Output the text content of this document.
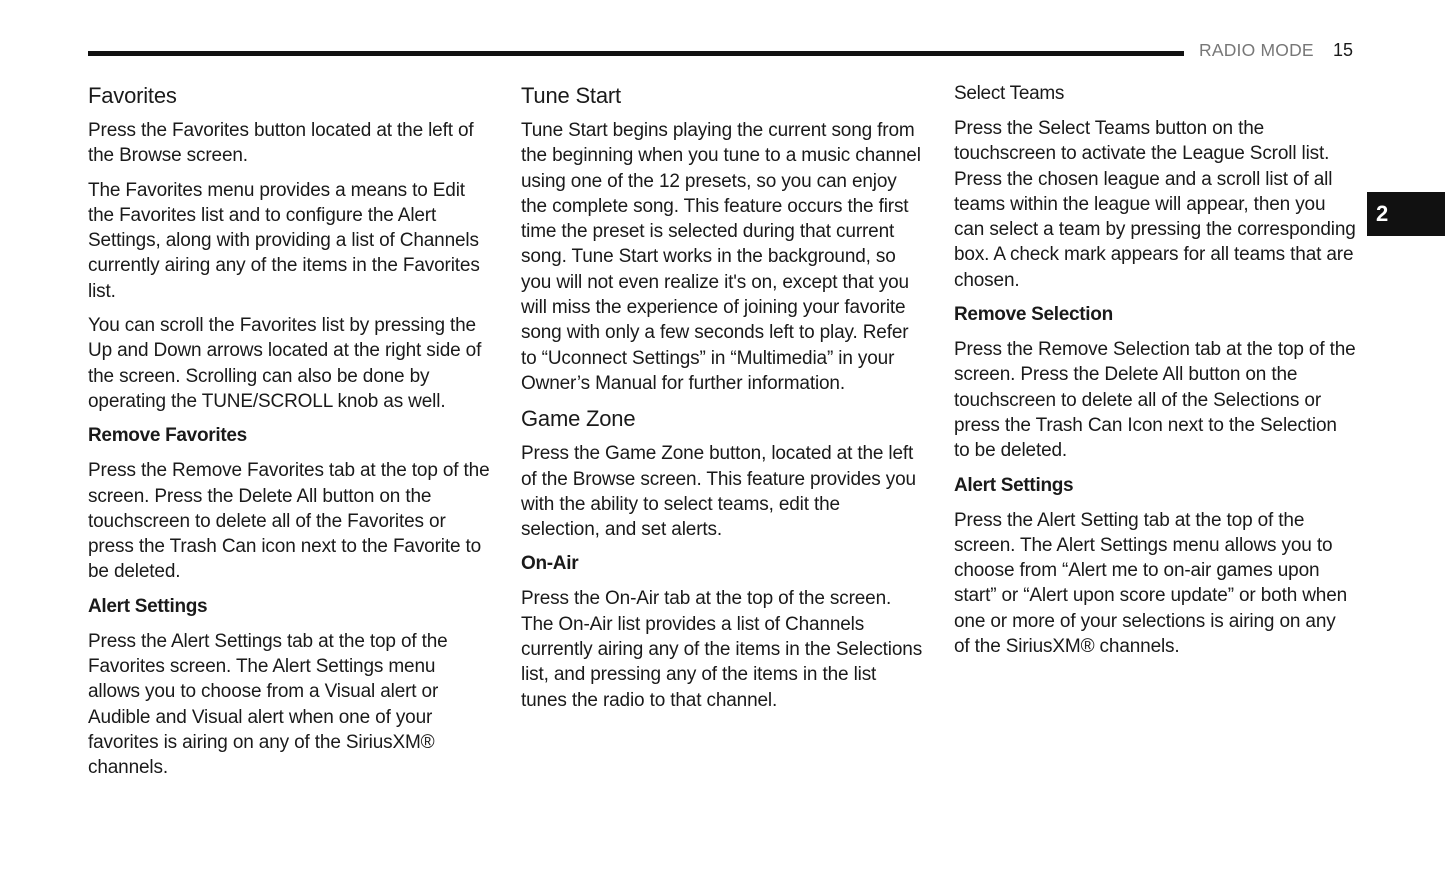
RADIO MODE 15
2
Favorites

Press the Favorites button located at the left of the Browse screen.

The Favorites menu provides a means to Edit the Favorites list and to configure the Alert Settings, along with providing a list of Channels currently airing any of the items in the Favorites list.

You can scroll the Favorites list by pressing the Up and Down arrows located at the right side of the screen. Scrolling can also be done by operating the TUNE/SCROLL knob as well.

Remove Favorites

Press the Remove Favorites tab at the top of the screen. Press the Delete All button on the touchscreen to delete all of the Favorites or press the Trash Can icon next to the Favorite to be deleted.

Alert Settings

Press the Alert Settings tab at the top of the Favorites screen. The Alert Settings menu allows you to choose from a Visual alert or Audible and Visual alert when one of your favorites is airing on any of the SiriusXM® channels.

Tune Start

Tune Start begins playing the current song from the beginning when you tune to a music channel using one of the 12 presets, so you can enjoy the complete song. This feature occurs the first time the preset is selected during that current song. Tune Start works in the background, so you will not even realize it's on, except that you will miss the experience of joining your favorite song with only a few seconds left to play. Refer to “Uconnect Settings” in “Multimedia” in your Owner’s Manual for further information.

Game Zone

Press the Game Zone button, located at the left of the Browse screen. This feature provides you with the ability to select teams, edit the selection, and set alerts.

On-Air

Press the On-Air tab at the top of the screen. The On-Air list provides a list of Channels currently airing any of the items in the Selections list, and pressing any of the items in the list tunes the radio to that channel.

Select Teams

Press the Select Teams button on the touchscreen to activate the League Scroll list. Press the chosen league and a scroll list of all teams within the league will appear, then you can select a team by pressing the corresponding box. A check mark appears for all teams that are chosen.

Remove Selection

Press the Remove Selection tab at the top of the screen. Press the Delete All button on the touchscreen to delete all of the Selections or press the Trash Can Icon next to the Selection to be deleted.

Alert Settings

Press the Alert Setting tab at the top of the screen. The Alert Settings menu allows you to choose from “Alert me to on-air games upon start” or “Alert upon score update” or both when one or more of your selections is airing on any of the SiriusXM® channels.
